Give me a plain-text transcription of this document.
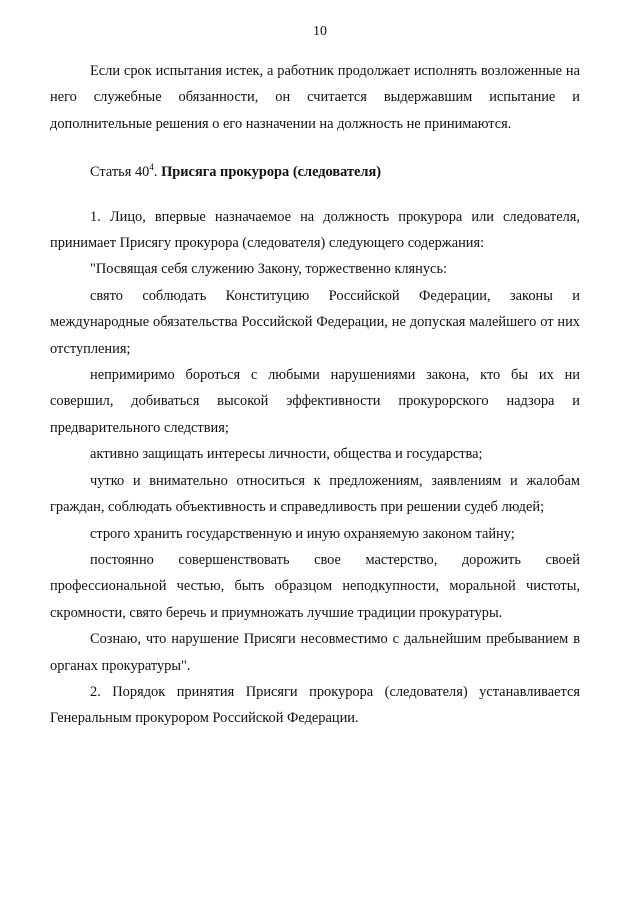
10

Если срок испытания истек, а работник продолжает исполнять возложенные на него служебные обязанности, он считается выдержавшим испытание и дополнительные решения о его назначении на должность не принимаются.

Статья $40^4$. Присяга прокурора (следователя)

1. Лицо, впервые назначаемое на должность прокурора или следователя, принимает Присягу прокурора (следователя) следующего содержания:

"Посвящая себя служению Закону, торжественно клянусь:

свято соблюдать Конституцию Российской Федерации, законы и международные обязательства Российской Федерации, не допуская малейшего от них отступления;

непримиримо бороться с любыми нарушениями закона, кто бы их ни совершил, добиваться высокой эффективности прокурорского надзора и предварительного следствия;

активно защищать интересы личности, общества и государства;

чутко и внимательно относиться к предложениям, заявлениям и жалобам граждан, соблюдать объективность и справедливость при решении судеб людей;

строго хранить государственную и иную охраняемую законом тайну;

постоянно совершенствовать свое мастерство, дорожить своей профессиональной честью, быть образцом неподкупности, моральной чистоты, скромности, свято беречь и приумножать лучшие традиции прокуратуры.

Сознаю, что нарушение Присяги несовместимо с дальнейшим пребыванием в органах прокуратуры".

2. Порядок принятия Присяги прокурора (следователя) устанавливается Генеральным прокурором Российской Федерации.
